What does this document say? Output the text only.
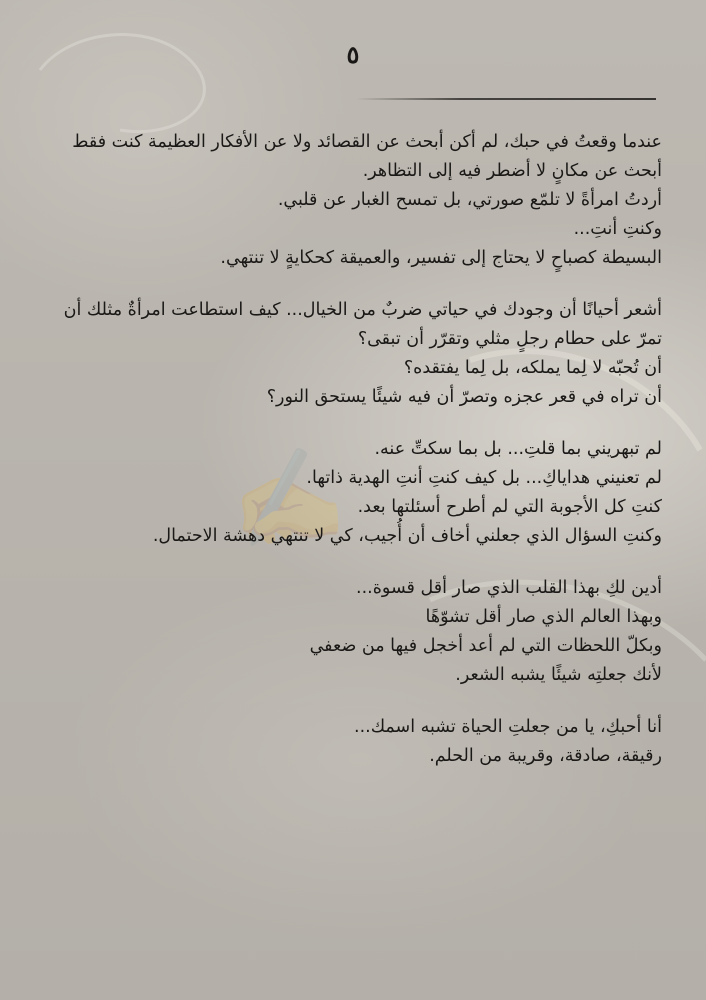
✍
٥
عندما وقعتُ في حبك، لم أكن أبحث عن القصائد ولا عن الأفكار العظيمة كنت فقط
أبحث عن مكانٍ لا أضطر فيه إلى التظاهر.
أردتُ امرأةً لا تلمّع صورتي، بل تمسح الغبار عن قلبي.
وكنتِ أنتِ...
البسيطة كصباحٍ لا يحتاج إلى تفسير، والعميقة كحكايةٍ لا تنتهي.
أشعر أحيانًا أن وجودك في حياتي ضربٌ من الخيال... كيف استطاعت امرأةٌ مثلك أن
تمرّ على حطام رجلٍ مثلي وتقرّر أن تبقى؟
أن تُحبّه لا لِما يملكه، بل لِما يفتقده؟
أن تراه في قعر عجزه وتصرّ أن فيه شيئًا يستحق النور؟
لم تبهريني بما قلتِ... بل بما سكتِّ عنه.
لم تعنيني هداياكِ... بل كيف كنتِ أنتِ الهدية ذاتها.
كنتِ كل الأجوبة التي لم أطرح أسئلتها بعد.
وكنتِ السؤال الذي جعلني أخاف أن أُجيب، كي لا تنتهي دهشة الاحتمال.
أدين لكِ بهذا القلب الذي صار أقل قسوة...
وبهذا العالم الذي صار أقل تشوّهًا
وبكلّ اللحظات التي لم أعد أخجل فيها من ضعفي
لأنك جعلتِه شيئًا يشبه الشعر.
أنا أحبكِ، يا من جعلتِ الحياة تشبه اسمك...
رقيقة، صادقة، وقريبة من الحلم.
